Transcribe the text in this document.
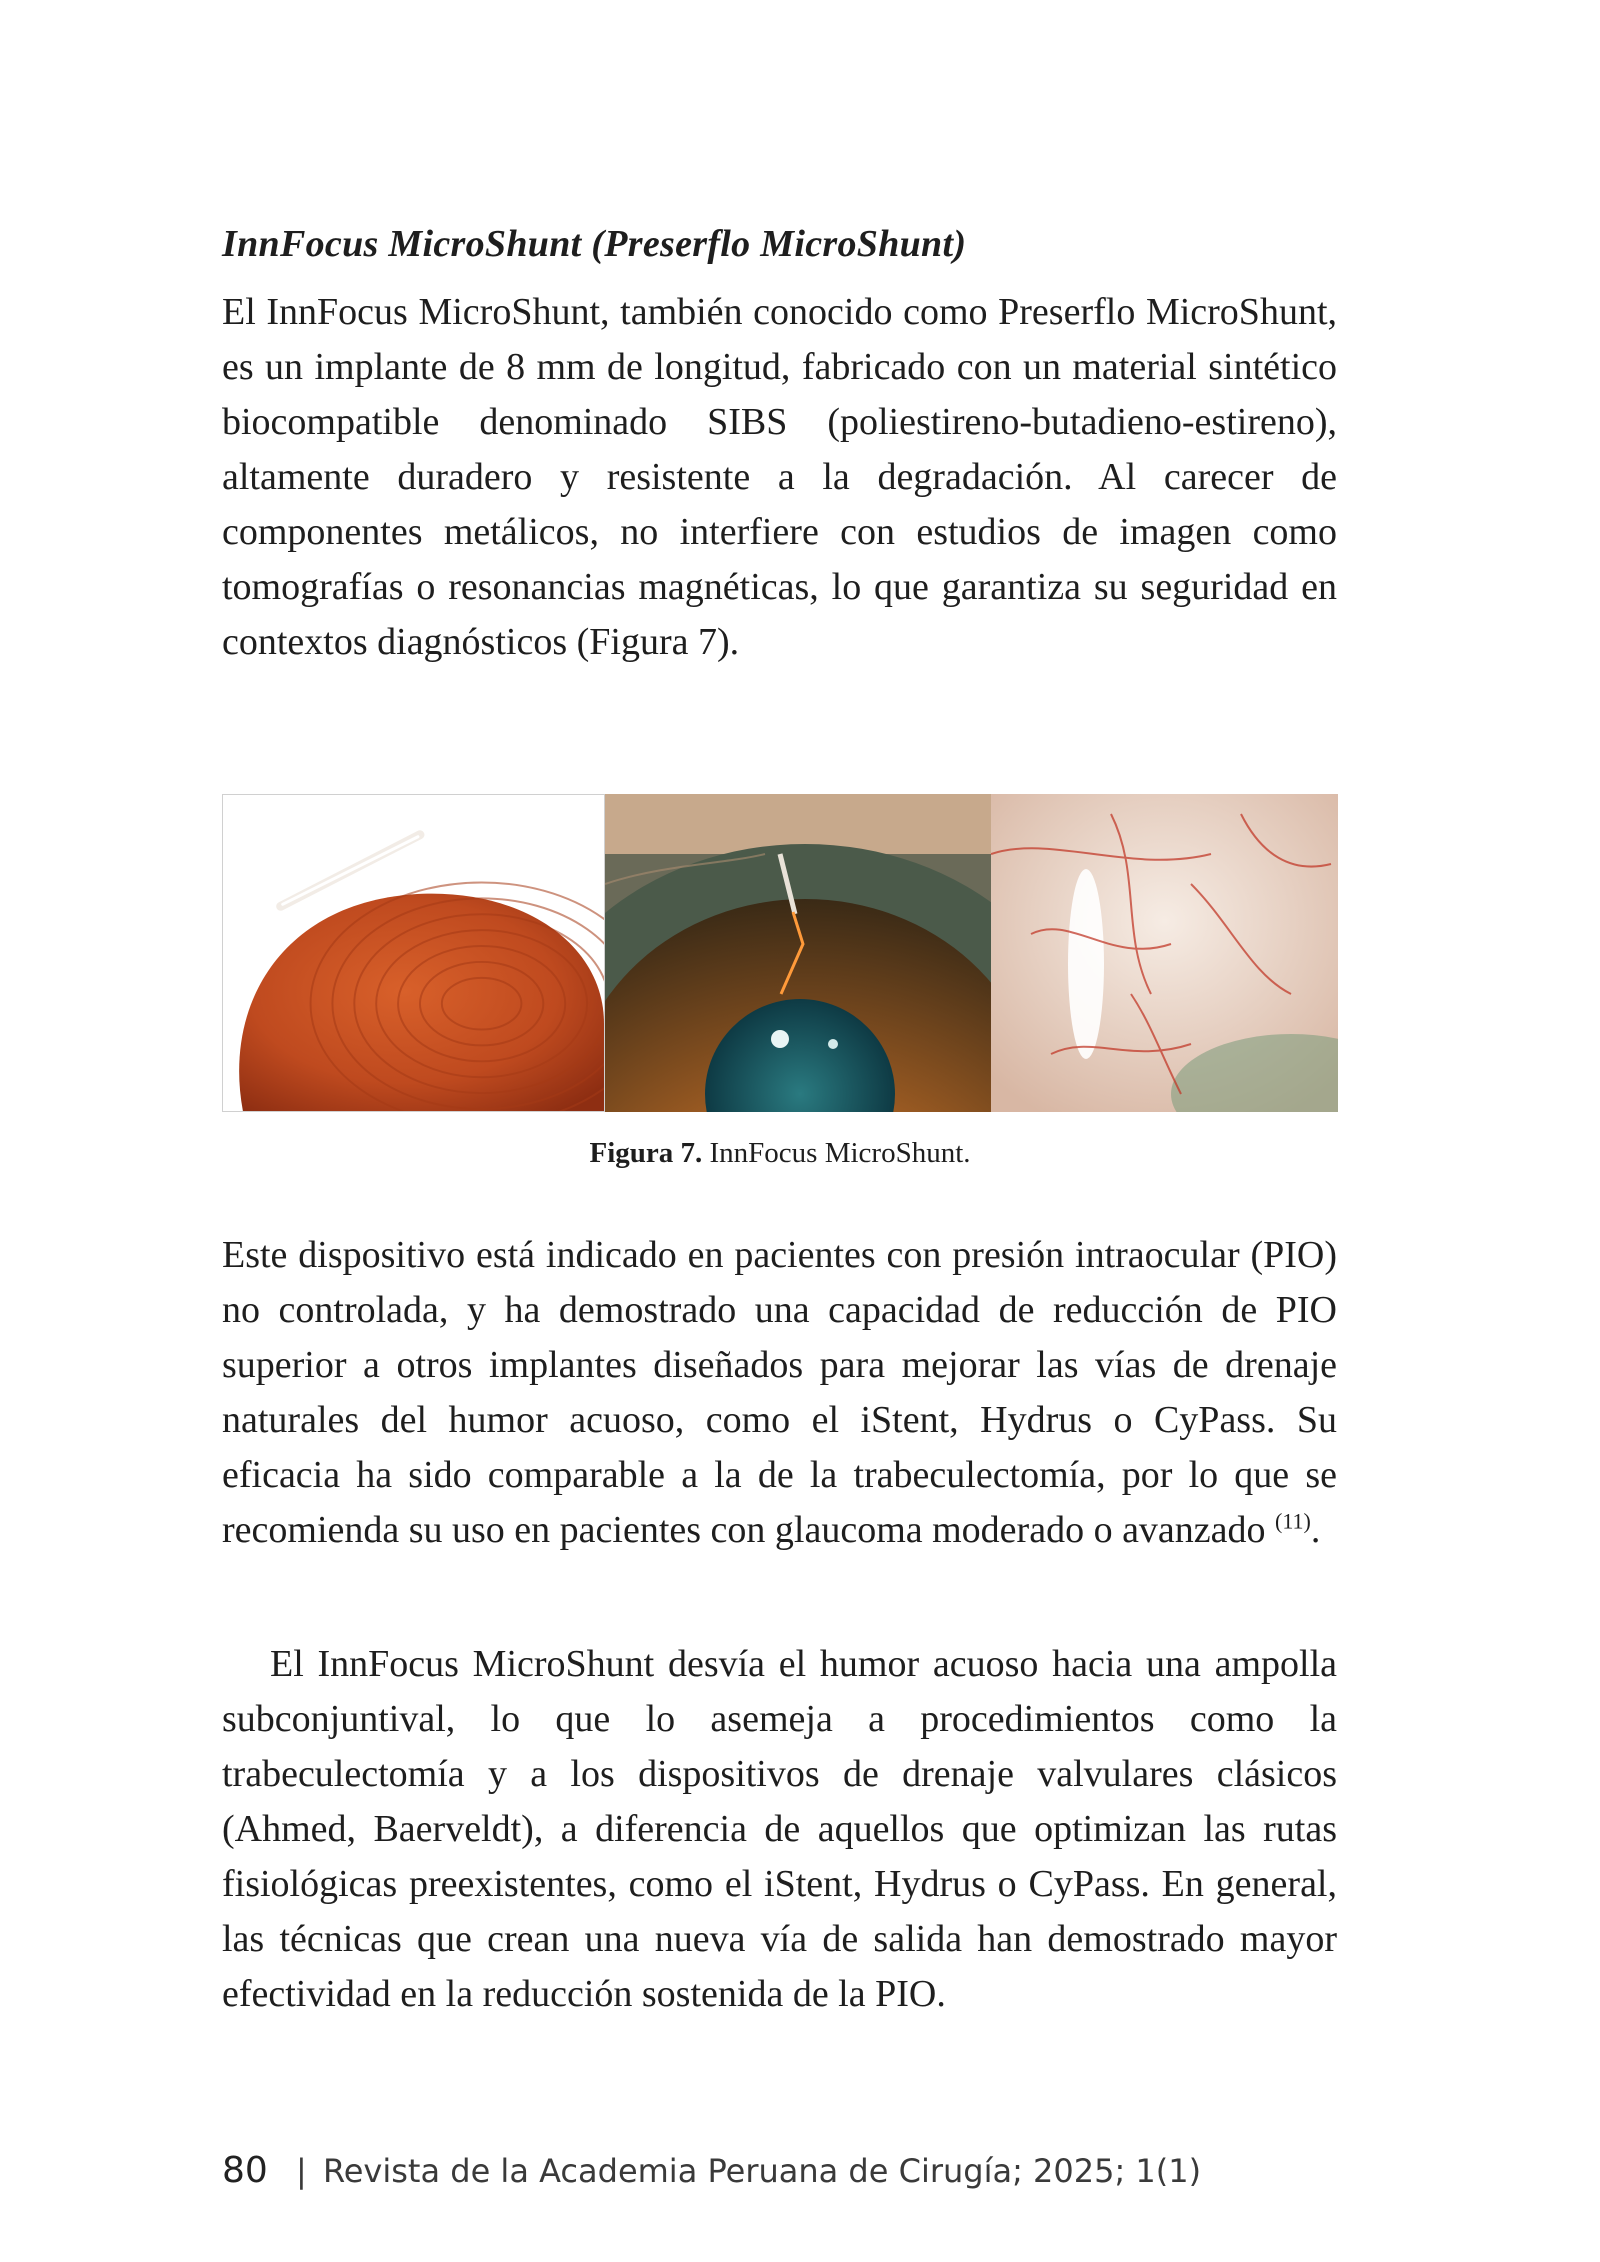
InnFocus MicroShunt (Preserflo MicroShunt)

El InnFocus MicroShunt, también conocido como Preserflo MicroShunt, es un implante de 8 mm de longitud, fabricado con un material sintético biocompatible denominado SIBS (poliestireno-butadieno-estireno), altamente duradero y resistente a la degradación. Al carecer de componentes metálicos, no interfiere con estudios de imagen como tomografías o resonancias magnéticas, lo que garantiza su seguridad en contextos diagnósticos (Figura 7).

Figura 7. InnFocus MicroShunt.

Este dispositivo está indicado en pacientes con presión intraocular (PIO) no controlada, y ha demostrado una capacidad de reducción de PIO superior a otros implantes diseñados para mejorar las vías de drenaje naturales del humor acuoso, como el iStent, Hydrus o CyPass. Su eficacia ha sido comparable a la de la trabeculectomía, por lo que se recomienda su uso en pacientes con glaucoma moderado o avanzado $^{(11)}$.

El InnFocus MicroShunt desvía el humor acuoso hacia una ampolla subconjuntival, lo que lo asemeja a procedimientos como la trabeculectomía y a los dispositivos de drenaje valvulares clásicos (Ahmed, Baerveldt), a diferencia de aquellos que optimizan las rutas fisiológicas preexistentes, como el iStent, Hydrus o CyPass. En general, las técnicas que crean una nueva vía de salida han demostrado mayor efectividad en la reducción sostenida de la PIO.

80 | Revista de la Academia Peruana de Cirugía; 2025; 1(1)
